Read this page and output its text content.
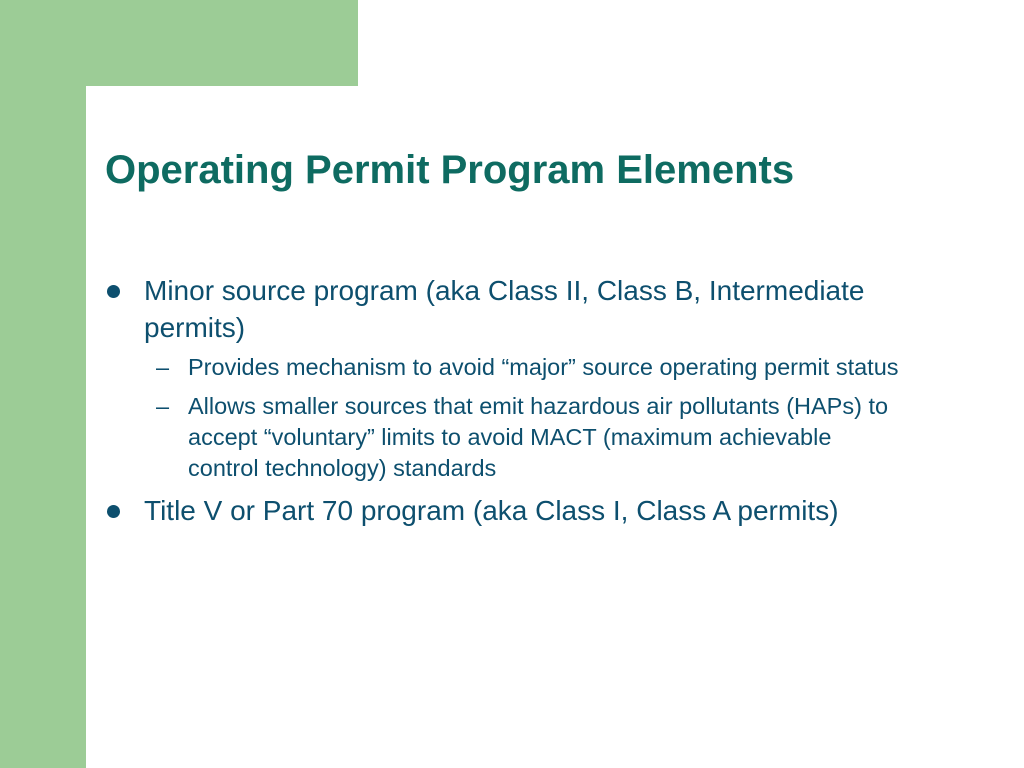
Operating Permit Program Elements
Minor source program (aka Class II, Class B, Intermediate permits)
– Provides mechanism to avoid “major” source operating permit status
– Allows smaller sources that emit hazardous air pollutants (HAPs) to accept “voluntary” limits to avoid MACT (maximum achievable control technology) standards
Title V or Part 70 program (aka Class I, Class A permits)
